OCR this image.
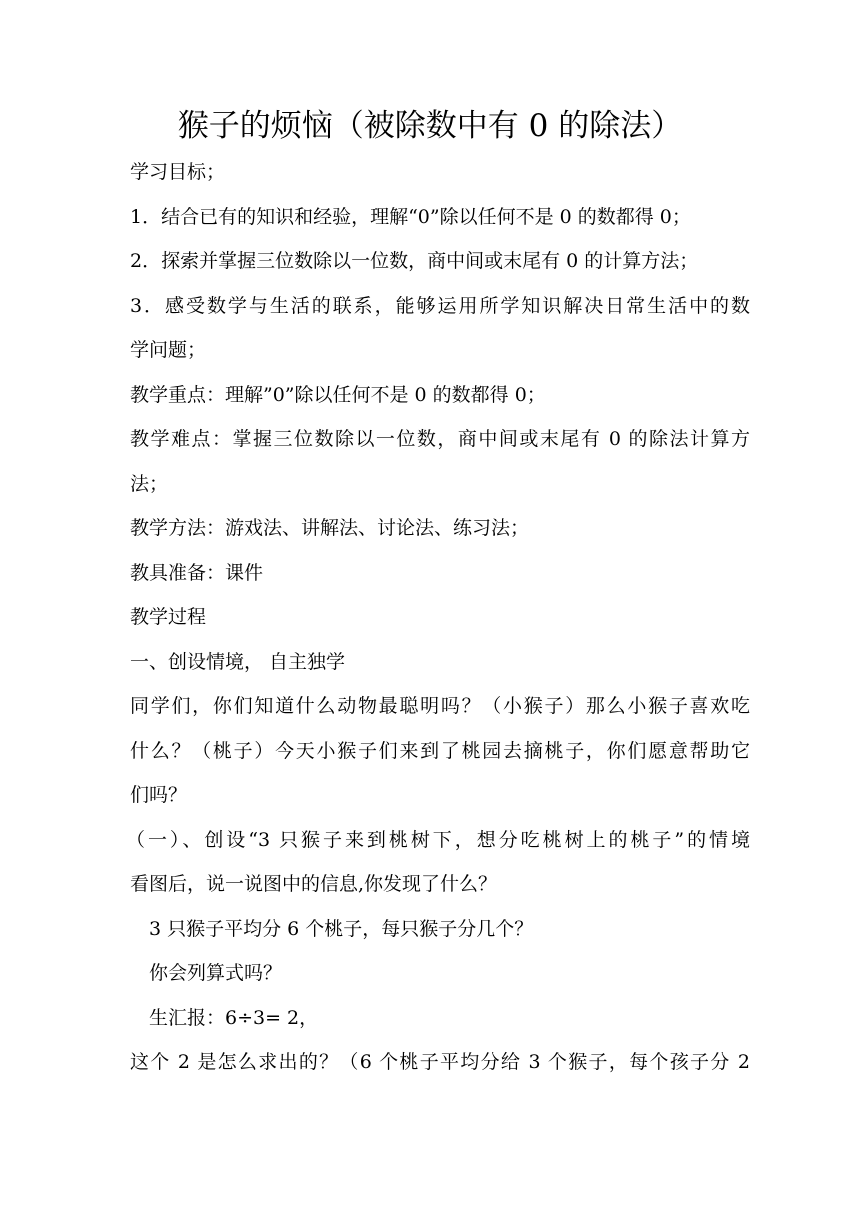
猴子的烦恼（被除数中有 0 的除法）
学习目标；
1．结合已有的知识和经验，理解“0”除以任何不是 0 的数都得 0；
2．探索并掌握三位数除以一位数，商中间或末尾有 0 的计算方法；
3．感受数学与生活的联系，能够运用所学知识解决日常生活中的数
学问题；
教学重点：理解”0”除以任何不是 0 的数都得 0；
教学难点：掌握三位数除以一位数，商中间或末尾有 0 的除法计算方
法；
教学方法：游戏法、讲解法、讨论法、练习法；
教具准备：课件
教学过程
一、创设情境， 自主独学
同学们，你们知道什么动物最聪明吗？（小猴子）那么小猴子喜欢吃
什么？（桃子）今天小猴子们来到了桃园去摘桃子，你们愿意帮助它
们吗？
（一）、创设“3 只猴子来到桃树下，想分吃桃树上的桃子”的情境
看图后，说一说图中的信息,你发现了什么？
3 只猴子平均分 6 个桃子，每只猴子分几个？
你会列算式吗？
生汇报：6÷3= 2，
这个 2 是怎么求出的？（6 个桃子平均分给 3 个猴子，每个孩子分 2
